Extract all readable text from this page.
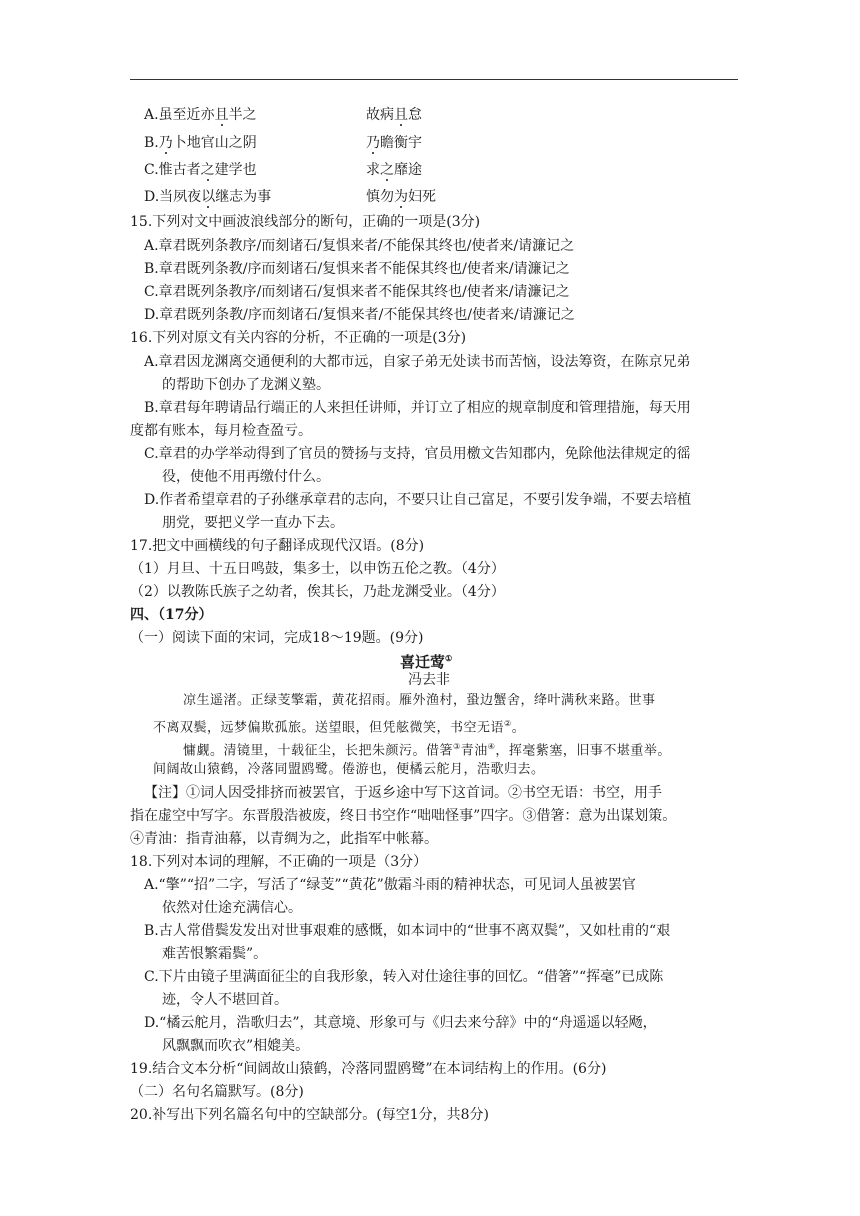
A.虽至近亦且半之	故病且怠
B.乃卜地官山之阴	乃瞻衡宇
C.惟古者之建学也	求之靡途
D.当夙夜以继志为事	慎勿为妇死
15.下列对文中画波浪线部分的断句，正确的一项是(3分)
A.章君既列条教序/而刻诸石/复惧来者/不能保其终也/使者来/请濂记之
B.章君既列条教/序而刻诸石/复惧来者不能保其终也/使者来/请濂记之
C.章君既列条教序/而刻诸石/复惧来者不能保其终也/使者来/请濂记之
D.章君既列条教/序而刻诸石/复惧来者/不能保其终也/使者来/请濂记之
16.下列对原文有关内容的分析，不正确的一项是(3分)
A.章君因龙渊离交通便利的大都市远，自家子弟无处读书而苦恼，设法筹资，在陈京兄弟
的帮助下创办了龙渊义塾。
B.章君每年聘请品行端正的人来担任讲师，并订立了相应的规章制度和管理措施，每天用
度都有账本，每月检查盈亏。
C.章君的办学举动得到了官员的赞扬与支持，官员用檄文告知郡内，免除他法律规定的徭
役，使他不用再缴付什么。
D.作者希望章君的子孙继承章君的志向，不要只让自己富足，不要引发争端，不要去培植
朋党，要把义学一直办下去。
17.把文中画横线的句子翻译成现代汉语。(8分)
（1）月旦、十五日鸣鼓，集多士，以申饬五伦之教。（4分）
（2）以教陈氏族子之幼者，俟其长，乃赴龙渊受业。（4分）
四、（17分）
（一）阅读下面的宋词，完成18～19题。(9分)
喜迁莺①
冯去非
凉生遥渚。正绿芰擎霜，黄花招雨。雁外渔村，蛩边蟹舍，绛叶满秋来路。世事
不离双鬓，远梦偏欺孤旅。送望眼，但凭舷微笑，书空无语②。
慵觑。清镜里，十载征尘，长把朱颜污。借箸③青油④，挥毫紫塞，旧事不堪重举。
间阔故山猿鹤，冷落同盟鸥鹭。倦游也，便橘云舵月，浩歌归去。
【注】①词人因受排挤而被罢官，于返乡途中写下这首词。②书空无语：书空，用手
指在虚空中写字。东晋殷浩被废，终日书空作“咄咄怪事”四字。③借箸：意为出谋划策。
④青油：指青油幕，以青绸为之，此指军中帐幕。
18.下列对本词的理解，不正确的一项是（3分）
A.“擎”“招”二字，写活了“绿芰”“黄花”傲霜斗雨的精神状态，可见词人虽被罢官
依然对仕途充满信心。
B.古人常借鬓发发出对世事艰难的感慨，如本词中的“世事不离双鬓”，又如杜甫的“艰
难苦恨繁霜鬓”。
C.下片由镜子里满面征尘的自我形象，转入对仕途往事的回忆。“借箸”“挥毫”已成陈
迹，令人不堪回首。
D.“橘云舵月，浩歌归去”，其意境、形象可与《归去来兮辞》中的“舟遥遥以轻飏，
风飘飘而吹衣”相媲美。
19.结合文本分析“间阔故山猿鹤，冷落同盟鸥鹭”在本词结构上的作用。(6分)
（二）名句名篇默写。(8分)
20.补写出下列名篇名句中的空缺部分。(每空1分，共8分)
